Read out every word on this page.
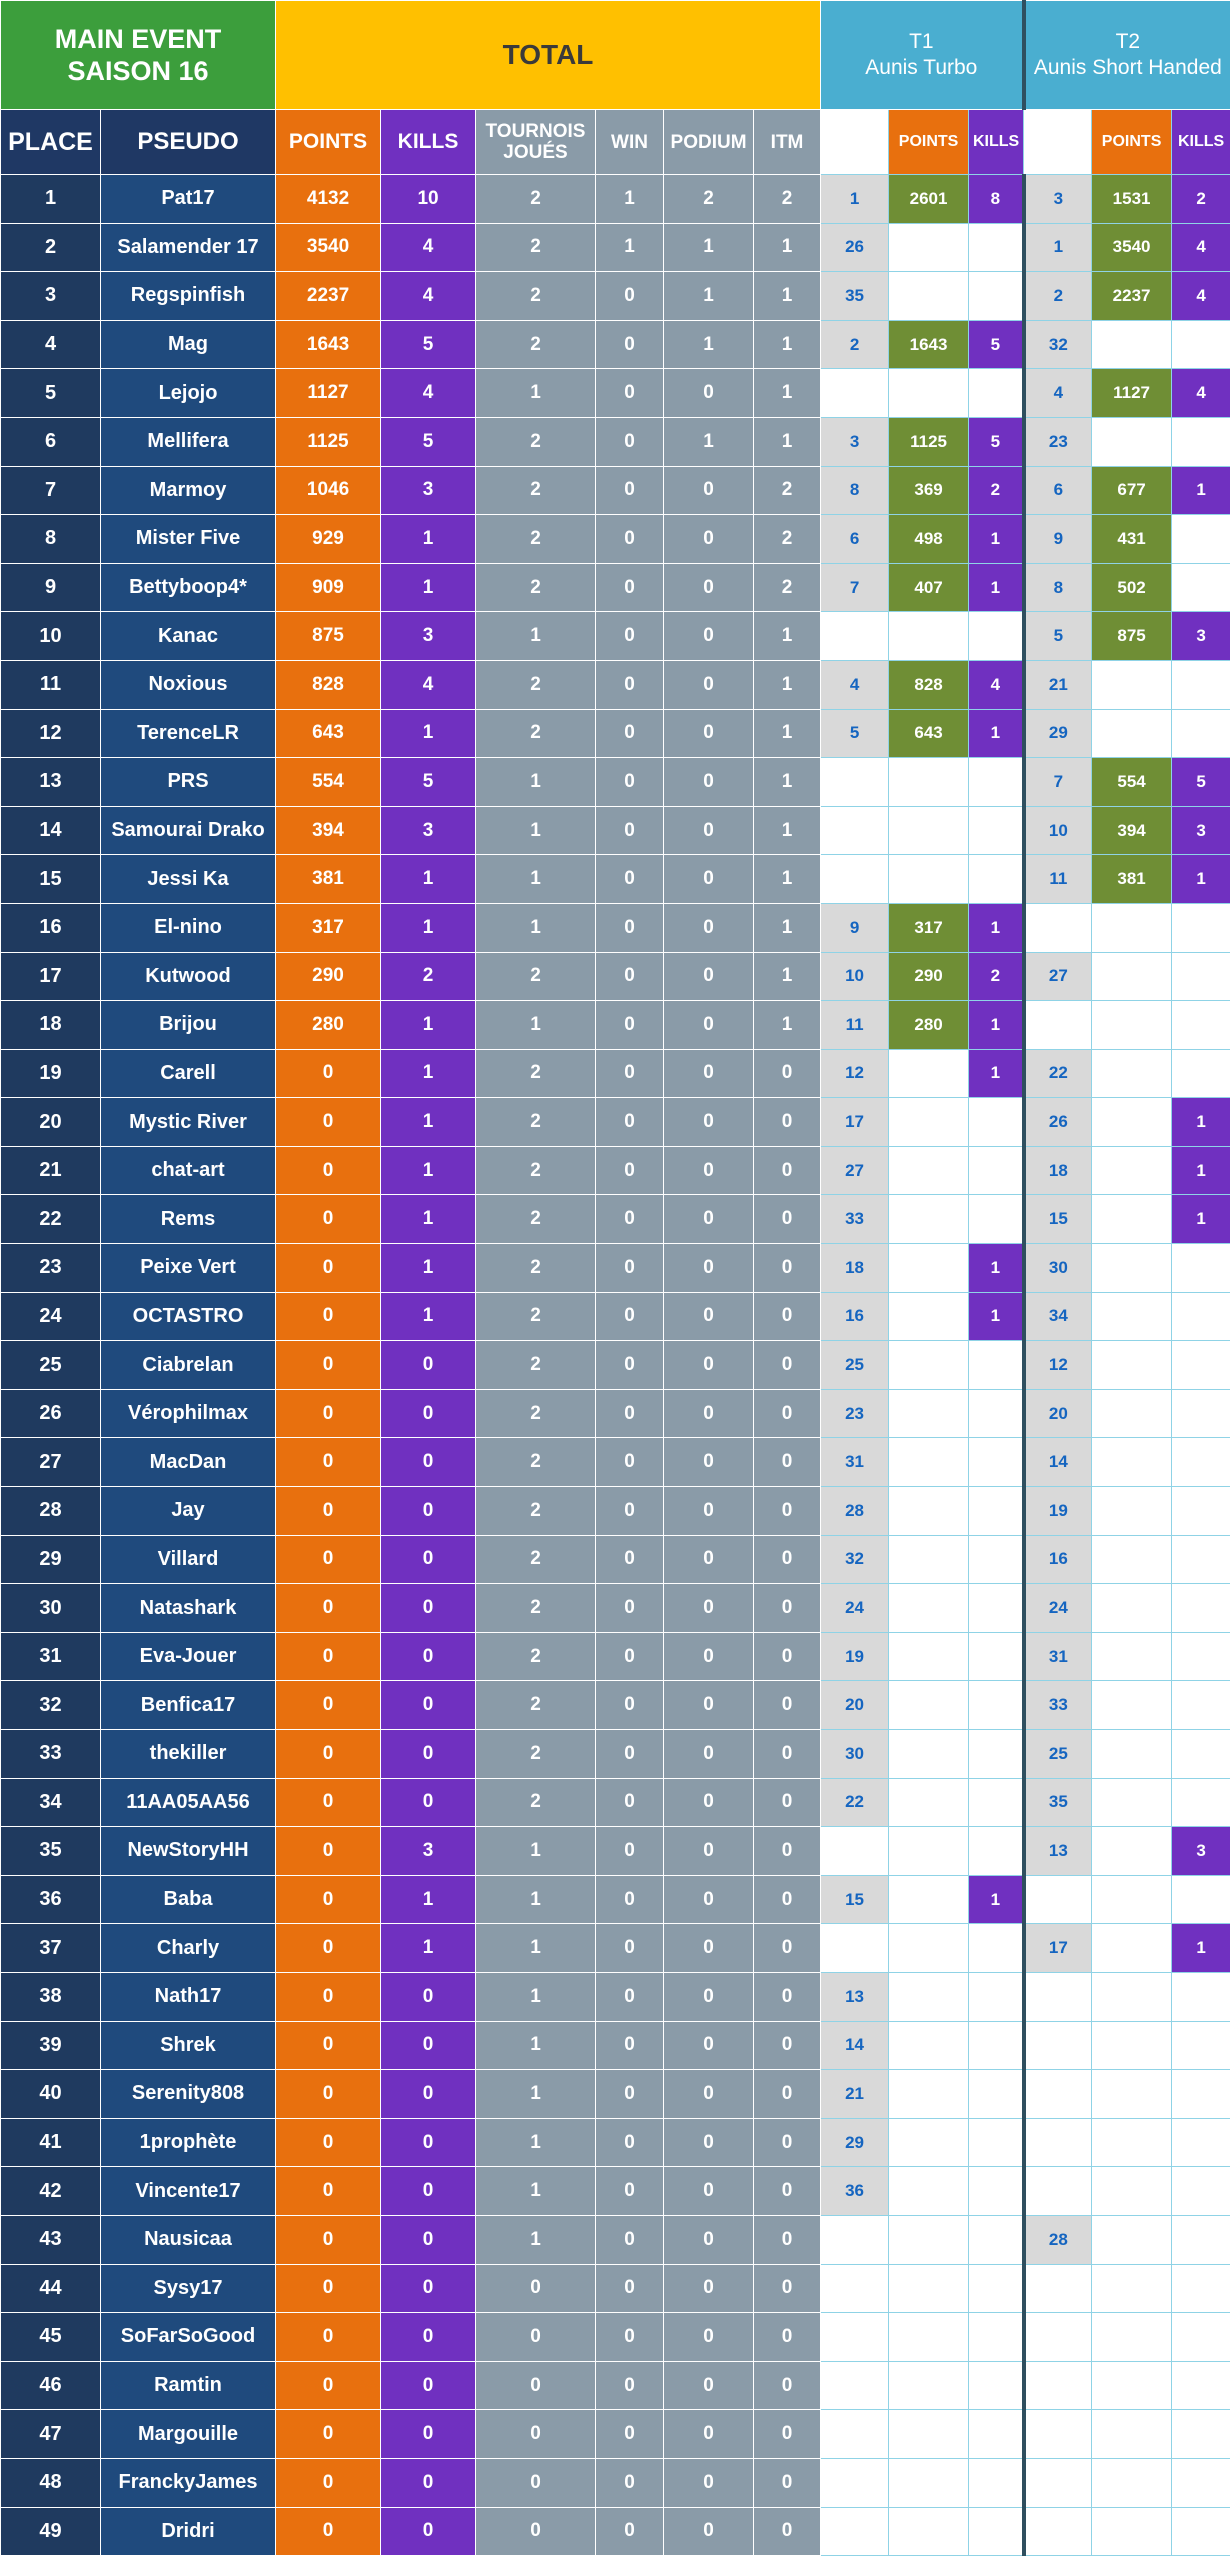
MAIN EVENT
SAISON 16		TOTAL						T1
Aunis Turbo			T2
Aunis Short Handed		
PLACE	PSEUDO	POINTS	KILLS	TOURNOIS JOUÉS	WIN	PODIUM	ITM	PLACE	POINTS	KILLS	PLACE	POINTS	KILLS
1	Pat17	4132	10	2	1	2	2	1	2601	8	3	1531	2
2	Salamender 17	3540	4	2	1	1	1	26			1	3540	4
3	Regspinfish	2237	4	2	0	1	1	35			2	2237	4
4	Mag	1643	5	2	0	1	1	2	1643	5	32		
5	Lejojo	1127	4	1	0	0	1				4	1127	4
6	Mellifera	1125	5	2	0	1	1	3	1125	5	23		
7	Marmoy	1046	3	2	0	0	2	8	369	2	6	677	1
8	Mister Five	929	1	2	0	0	2	6	498	1	9	431	
9	Bettyboop4*	909	1	2	0	0	2	7	407	1	8	502	
10	Kanac	875	3	1	0	0	1				5	875	3
11	Noxious	828	4	2	0	0	1	4	828	4	21		
12	TerenceLR	643	1	2	0	0	1	5	643	1	29		
13	PRS	554	5	1	0	0	1				7	554	5
14	Samourai Drako	394	3	1	0	0	1				10	394	3
15	Jessi Ka	381	1	1	0	0	1				11	381	1
16	El-nino	317	1	1	0	0	1	9	317	1			
17	Kutwood	290	2	2	0	0	1	10	290	2	27		
18	Brijou	280	1	1	0	0	1	11	280	1			
19	Carell	0	1	2	0	0	0	12		1	22		
20	Mystic River	0	1	2	0	0	0	17			26		1
21	chat-art	0	1	2	0	0	0	27			18		1
22	Rems	0	1	2	0	0	0	33			15		1
23	Peixe Vert	0	1	2	0	0	0	18		1	30		
24	OCTASTRO	0	1	2	0	0	0	16		1	34		
25	Ciabrelan	0	0	2	0	0	0	25			12		
26	Vérophilmax	0	0	2	0	0	0	23			20		
27	MacDan	0	0	2	0	0	0	31			14		
28	Jay	0	0	2	0	0	0	28			19		
29	Villard	0	0	2	0	0	0	32			16		
30	Natashark	0	0	2	0	0	0	24			24		
31	Eva-Jouer	0	0	2	0	0	0	19			31		
32	Benfica17	0	0	2	0	0	0	20			33		
33	thekiller	0	0	2	0	0	0	30			25		
34	11AA05AA56	0	0	2	0	0	0	22			35		
35	NewStoryHH	0	3	1	0	0	0				13		3
36	Baba	0	1	1	0	0	0	15		1			
37	Charly	0	1	1	0	0	0				17		1
38	Nath17	0	0	1	0	0	0	13					
39	Shrek	0	0	1	0	0	0	14					
40	Serenity808	0	0	1	0	0	0	21					
41	1prophète	0	0	1	0	0	0	29					
42	Vincente17	0	0	1	0	0	0	36					
43	Nausicaa	0	0	1	0	0	0				28		
44	Sysy17	0	0	0	0	0	0						
45	SoFarSoGood	0	0	0	0	0	0						
46	Ramtin	0	0	0	0	0	0						
47	Margouille	0	0	0	0	0	0						
48	FranckyJames	0	0	0	0	0	0						
49	Dridri	0	0	0	0	0	0						
